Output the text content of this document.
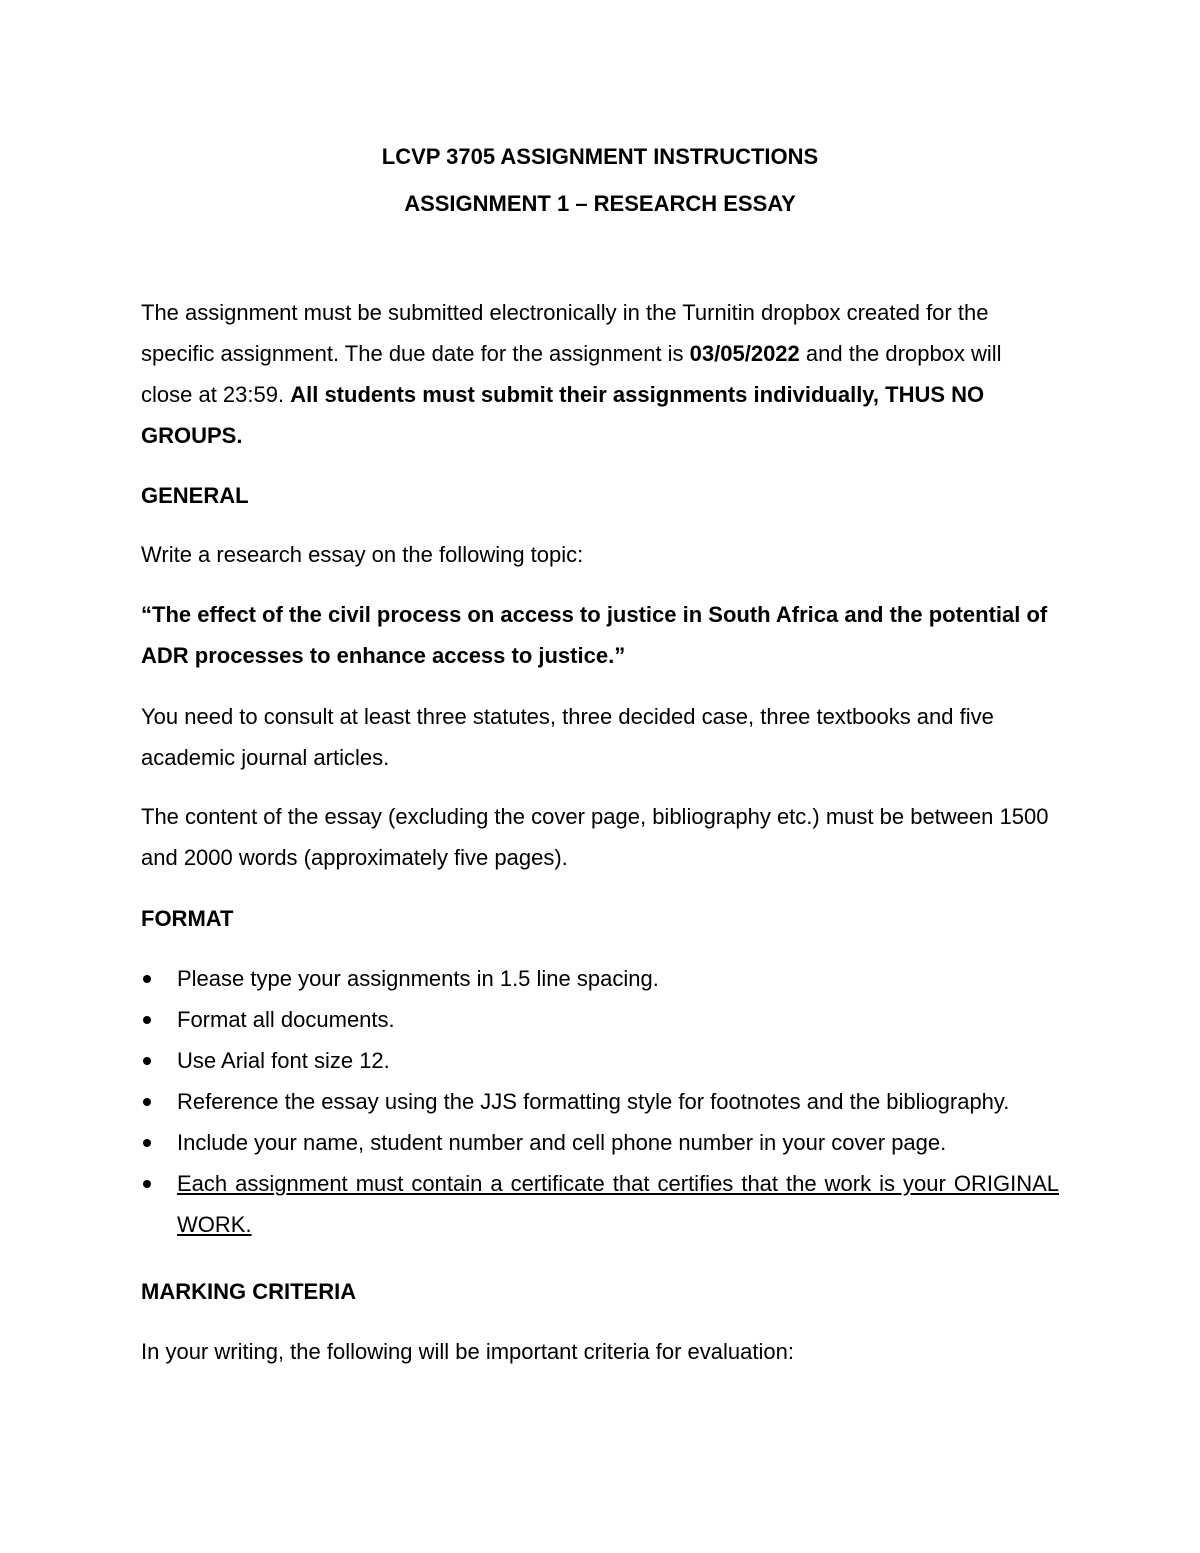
LCVP 3705 ASSIGNMENT INSTRUCTIONS
ASSIGNMENT 1 – RESEARCH ESSAY
The assignment must be submitted electronically in the Turnitin dropbox created for the specific assignment. The due date for the assignment is 03/05/2022 and the dropbox will close at 23:59. All students must submit their assignments individually, THUS NO GROUPS.
GENERAL
Write a research essay on the following topic:
“The effect of the civil process on access to justice in South Africa and the potential of ADR processes to enhance access to justice.”
You need to consult at least three statutes, three decided case, three textbooks and five academic journal articles.
The content of the essay (excluding the cover page, bibliography etc.) must be between 1500 and 2000 words (approximately five pages).
FORMAT
Please type your assignments in 1.5 line spacing.
Format all documents.
Use Arial font size 12.
Reference the essay using the JJS formatting style for footnotes and the bibliography.
Include your name, student number and cell phone number in your cover page.
Each assignment must contain a certificate that certifies that the work is your ORIGINAL WORK.
MARKING CRITERIA
In your writing, the following will be important criteria for evaluation:
